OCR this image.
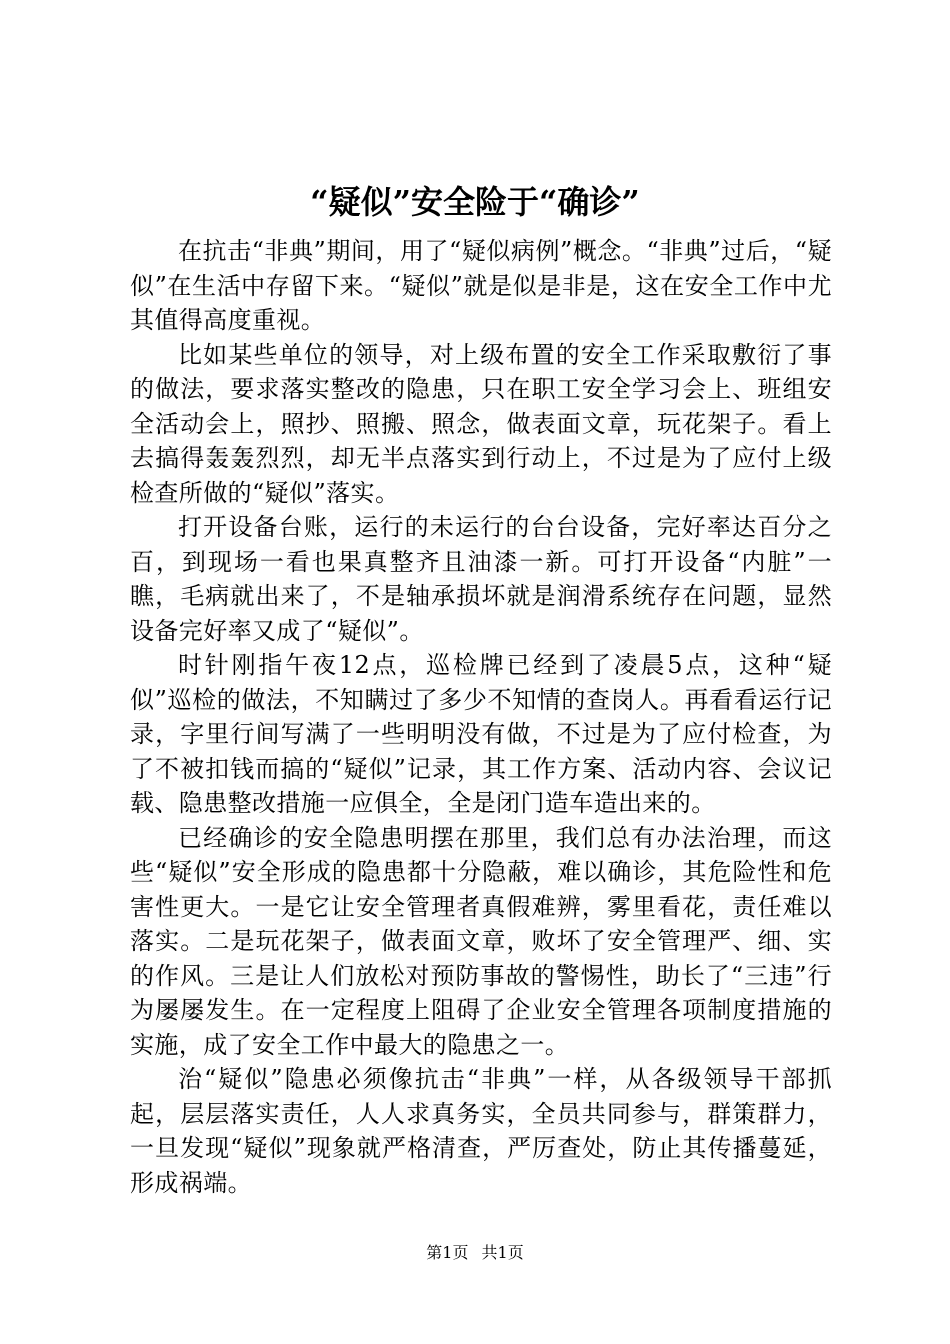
“疑似”安全险于“确诊”

在抗击“非典”期间，用了“疑似病例”概念。“非典”过后，“疑似”在生活中存留下来。“疑似”就是似是非是，这在安全工作中尤其值得高度重视。

比如某些单位的领导，对上级布置的安全工作采取敷衍了事的做法，要求落实整改的隐患，只在职工安全学习会上、班组安全活动会上，照抄、照搬、照念，做表面文章，玩花架子。看上去搞得轰轰烈烈，却无半点落实到行动上，不过是为了应付上级检查所做的“疑似”落实。

打开设备台账，运行的未运行的台台设备，完好率达百分之百，到现场一看也果真整齐且油漆一新。可打开设备“内脏”一瞧，毛病就出来了，不是轴承损坏就是润滑系统存在问题，显然设备完好率又成了“疑似”。

时针刚指午夜12点，巡检牌已经到了凌晨5点，这种“疑似”巡检的做法，不知瞒过了多少不知情的查岗人。再看看运行记录，字里行间写满了一些明明没有做，不过是为了应付检查，为了不被扣钱而搞的“疑似”记录，其工作方案、活动内容、会议记载、隐患整改措施一应俱全，全是闭门造车造出来的。

已经确诊的安全隐患明摆在那里，我们总有办法治理，而这些“疑似”安全形成的隐患都十分隐蔽，难以确诊，其危险性和危害性更大。一是它让安全管理者真假难辨，雾里看花，责任难以落实。二是玩花架子，做表面文章，败坏了安全管理严、细、实的作风。三是让人们放松对预防事故的警惕性，助长了“三违”行为屡屡发生。在一定程度上阻碍了企业安全管理各项制度措施的实施，成了安全工作中最大的隐患之一。

治“疑似”隐患必须像抗击“非典”一样，从各级领导干部抓起，层层落实责任，人人求真务实，全员共同参与，群策群力，一旦发现“疑似”现象就严格清查，严厉查处，防止其传播蔓延，形成祸端。

第1页 共1页
